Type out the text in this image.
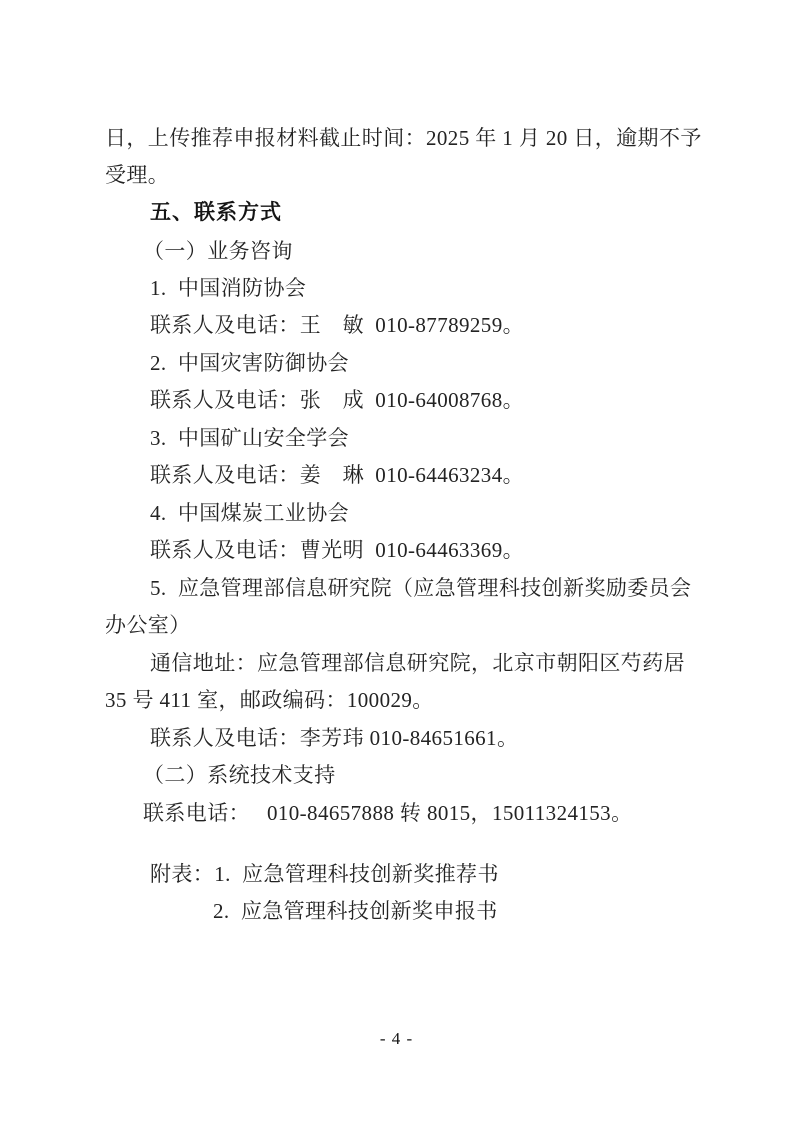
日，上传推荐申报材料截止时间：2025 年 1 月 20 日，逾期不予
受理。
五、联系方式
（一）业务咨询
1.  中国消防协会
联系人及电话：王　敏  010-87789259。
2.  中国灾害防御协会
联系人及电话：张　成  010-64008768。
3.  中国矿山安全学会
联系人及电话：姜　琳  010-64463234。
4.  中国煤炭工业协会
联系人及电话：曹光明  010-64463369。
5.  应急管理部信息研究院（应急管理科技创新奖励委员会
办公室）
通信地址：应急管理部信息研究院，北京市朝阳区芍药居
35 号 411 室，邮政编码：100029。
联系人及电话：李芳玮 010-84651661。
（二）系统技术支持
联系电话：   010-84657888 转 8015，15011324153。
附表：1.  应急管理科技创新奖推荐书
2.  应急管理科技创新奖申报书
- 4 -
